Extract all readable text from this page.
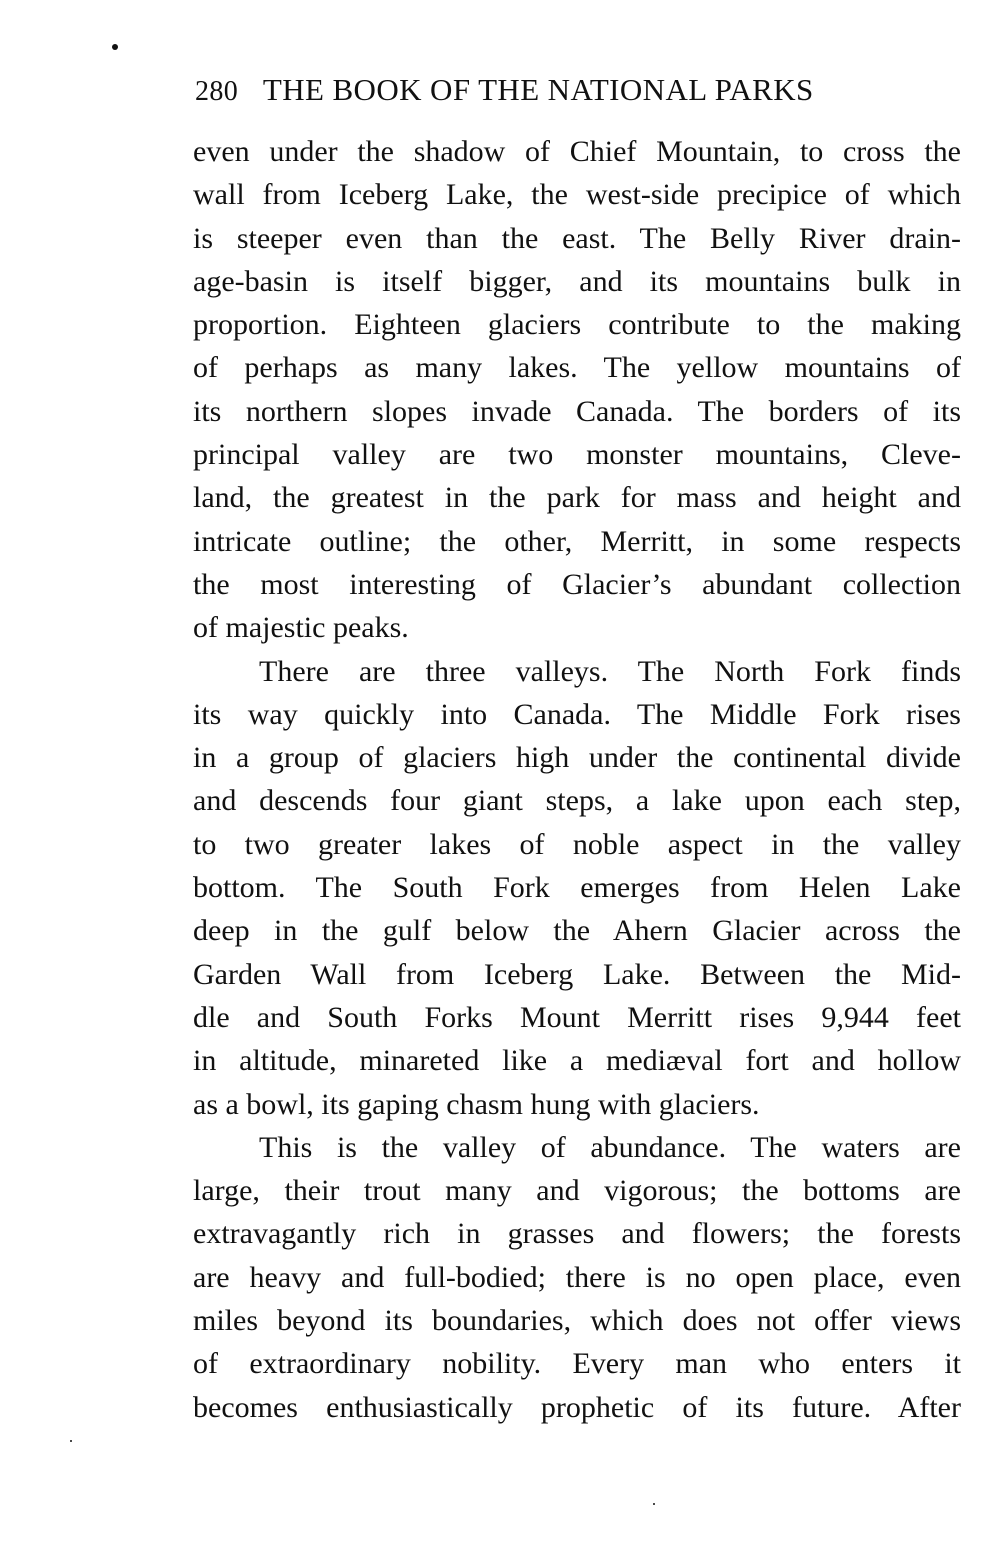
280 THE BOOK OF THE NATIONAL PARKS
even under the shadow of Chief Mountain, to cross the
wall from Iceberg Lake, the west-side precipice of which
is steeper even than the east. The Belly River drain-
age-basin is itself bigger, and its mountains bulk in
proportion. Eighteen glaciers contribute to the making
of perhaps as many lakes. The yellow mountains of
its northern slopes invade Canada. The borders of its
principal valley are two monster mountains, Cleve-
land, the greatest in the park for mass and height and
intricate outline; the other, Merritt, in some respects
the most interesting of Glacier’s abundant collection
of majestic peaks.
There are three valleys. The North Fork finds
its way quickly into Canada. The Middle Fork rises
in a group of glaciers high under the continental divide
and descends four giant steps, a lake upon each step,
to two greater lakes of noble aspect in the valley
bottom. The South Fork emerges from Helen Lake
deep in the gulf below the Ahern Glacier across the
Garden Wall from Iceberg Lake. Between the Mid-
dle and South Forks Mount Merritt rises 9,944 feet
in altitude, minareted like a mediæval fort and hollow
as a bowl, its gaping chasm hung with glaciers.
This is the valley of abundance. The waters are
large, their trout many and vigorous; the bottoms are
extravagantly rich in grasses and flowers; the forests
are heavy and full-bodied; there is no open place, even
miles beyond its boundaries, which does not offer views
of extraordinary nobility. Every man who enters it
becomes enthusiastically prophetic of its future. After
